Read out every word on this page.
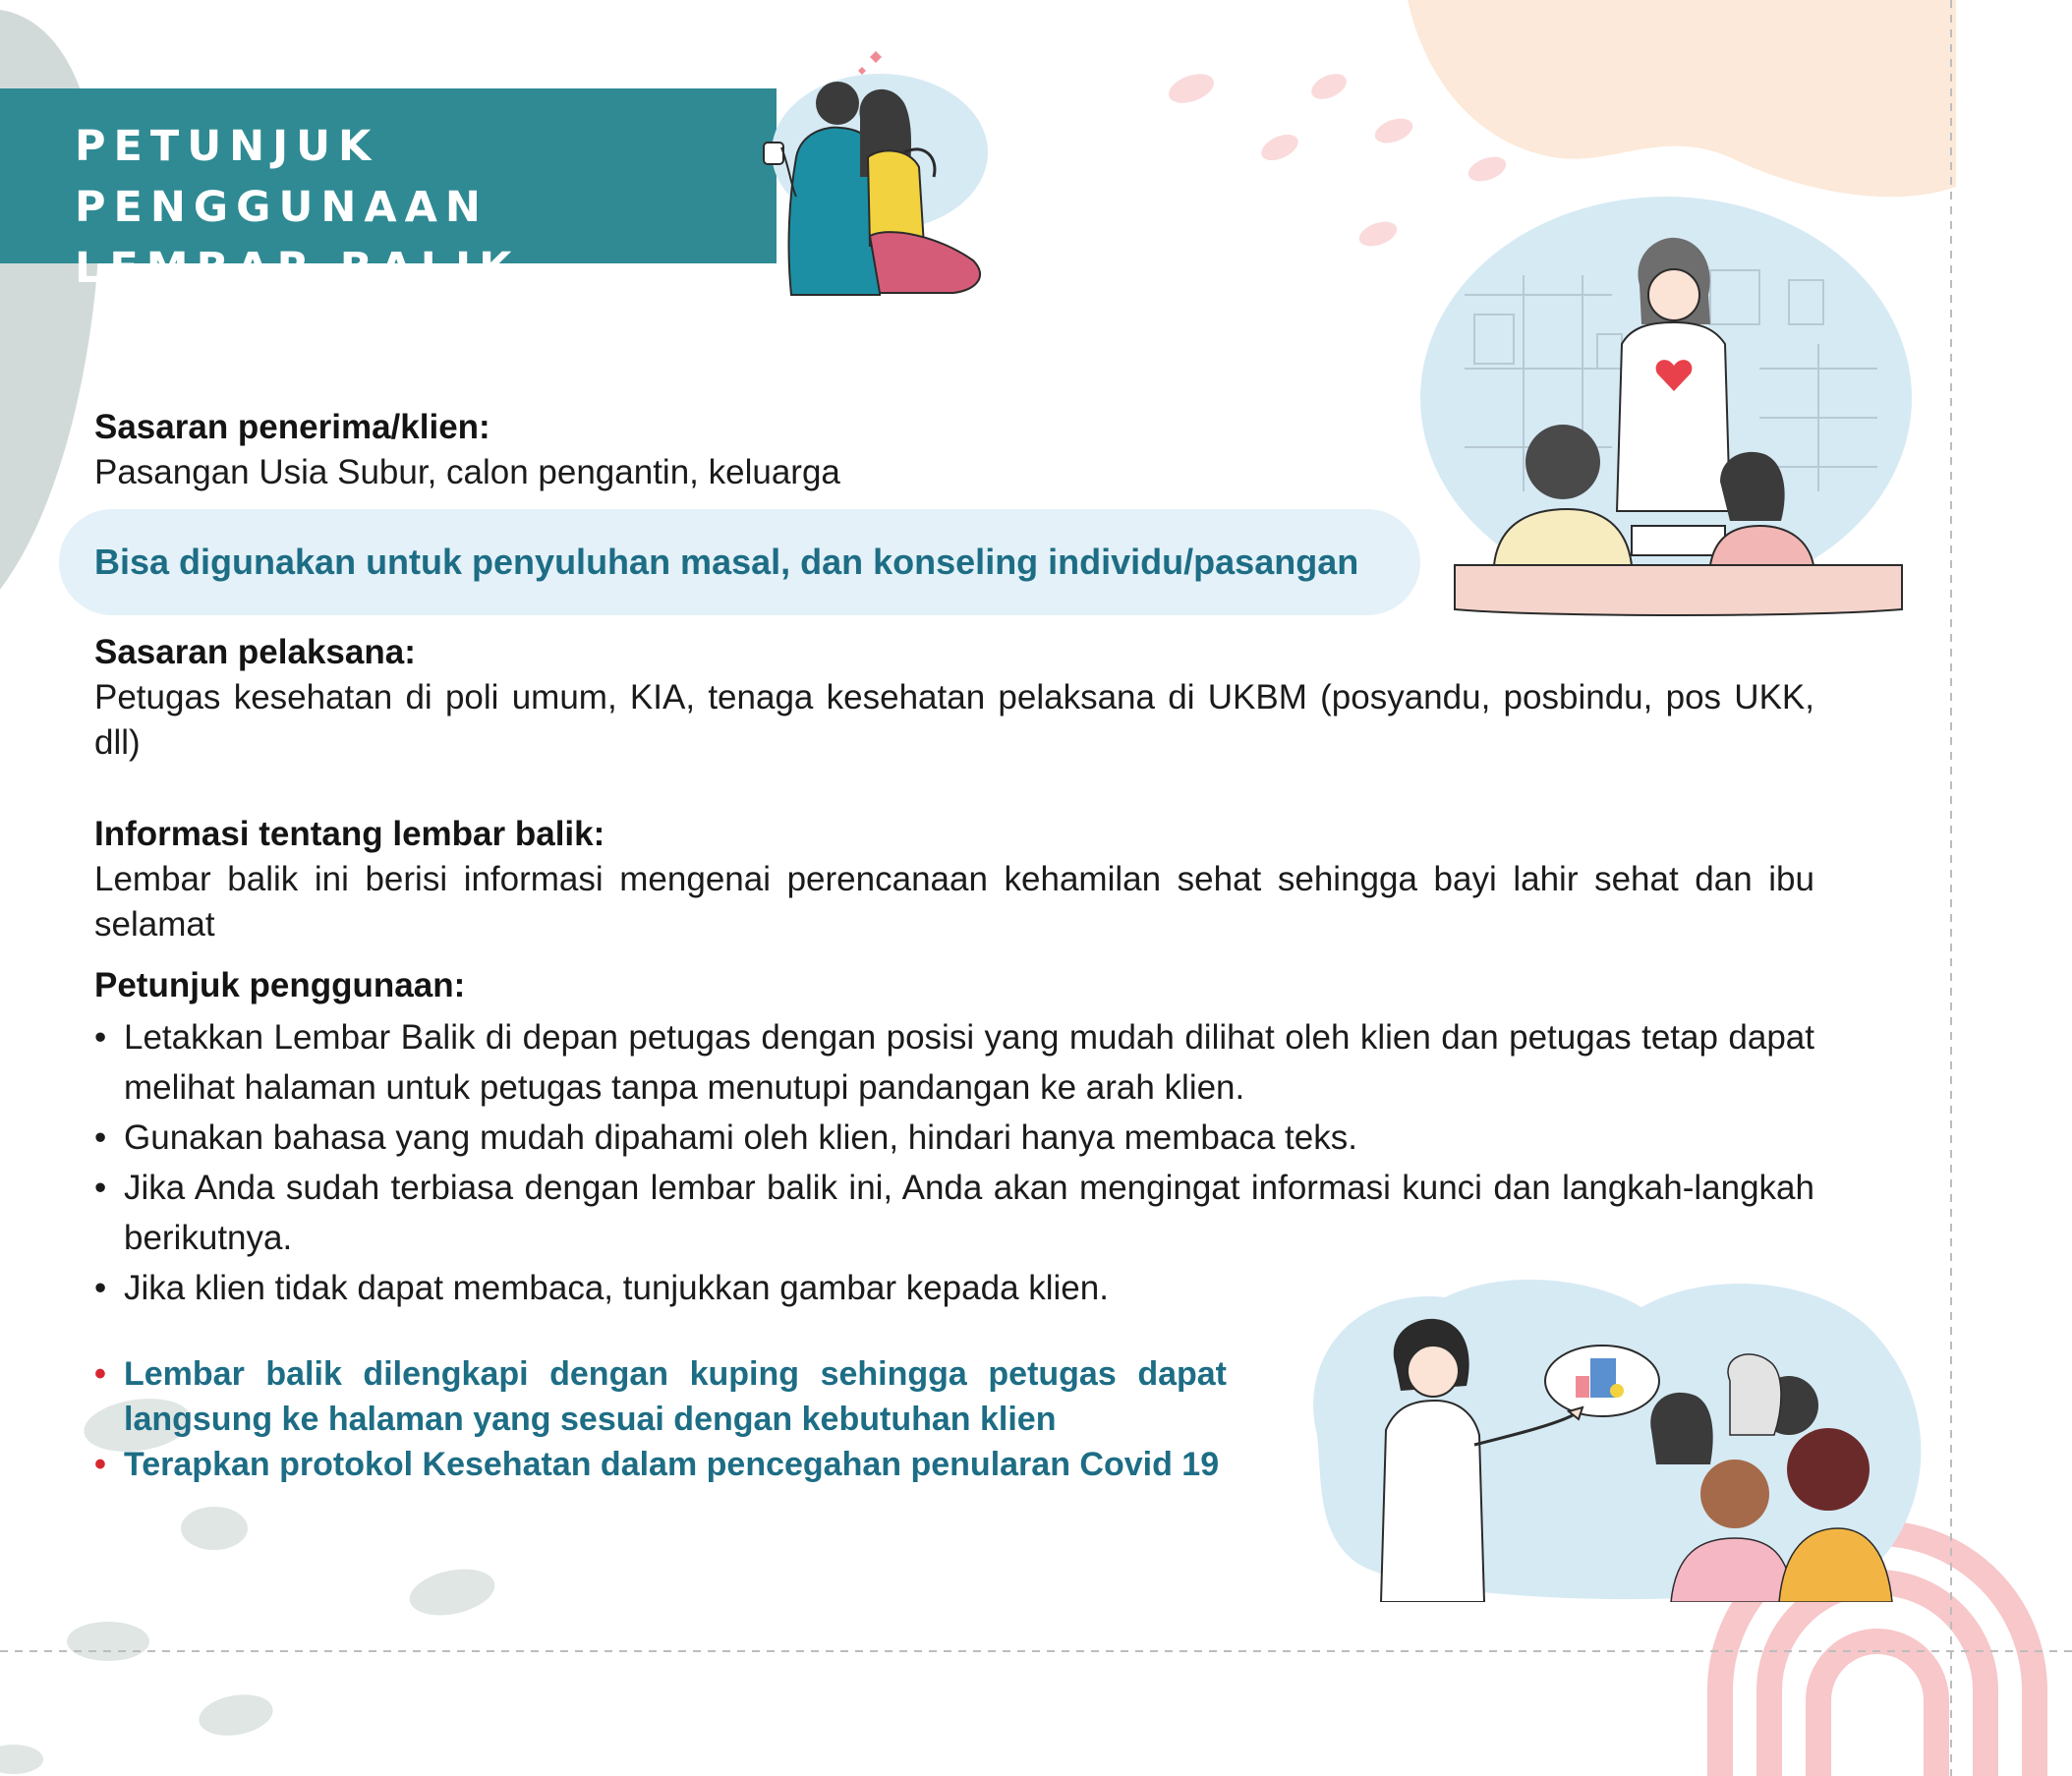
PETUNJUK PENGGUNAAN
LEMBAR BALIK
Bisa digunakan untuk penyuluhan masal, dan konseling individu/pasangan

Sasaran penerima/klien:

Pasangan Usia Subur, calon pengantin, keluarga

Sasaran pelaksana:

Petugas kesehatan di poli umum, KIA, tenaga kesehatan pelaksana di UKBM (posyandu, posbindu, pos UKK, dll)

Informasi tentang lembar balik:

Lembar balik ini berisi informasi mengenai perencanaan kehamilan sehat sehingga bayi lahir sehat dan ibu selamat

Petunjuk penggunaan:

• Letakkan Lembar Balik di depan petugas dengan posisi yang mudah dilihat oleh klien dan petugas tetap dapat melihat halaman untuk petugas tanpa menutupi pandangan ke arah klien.
• Gunakan bahasa yang mudah dipahami oleh klien, hindari hanya membaca teks.
• Jika Anda sudah terbiasa dengan lembar balik ini, Anda akan mengingat informasi kunci dan langkah-langkah berikutnya.
• Jika klien tidak dapat membaca, tunjukkan gambar kepada klien.
• Lembar balik dilengkapi dengan kuping sehingga petugas dapat langsung ke halaman yang sesuai dengan kebutuhan klien
• Terapkan protokol Kesehatan dalam pencegahan penularan Covid 19
